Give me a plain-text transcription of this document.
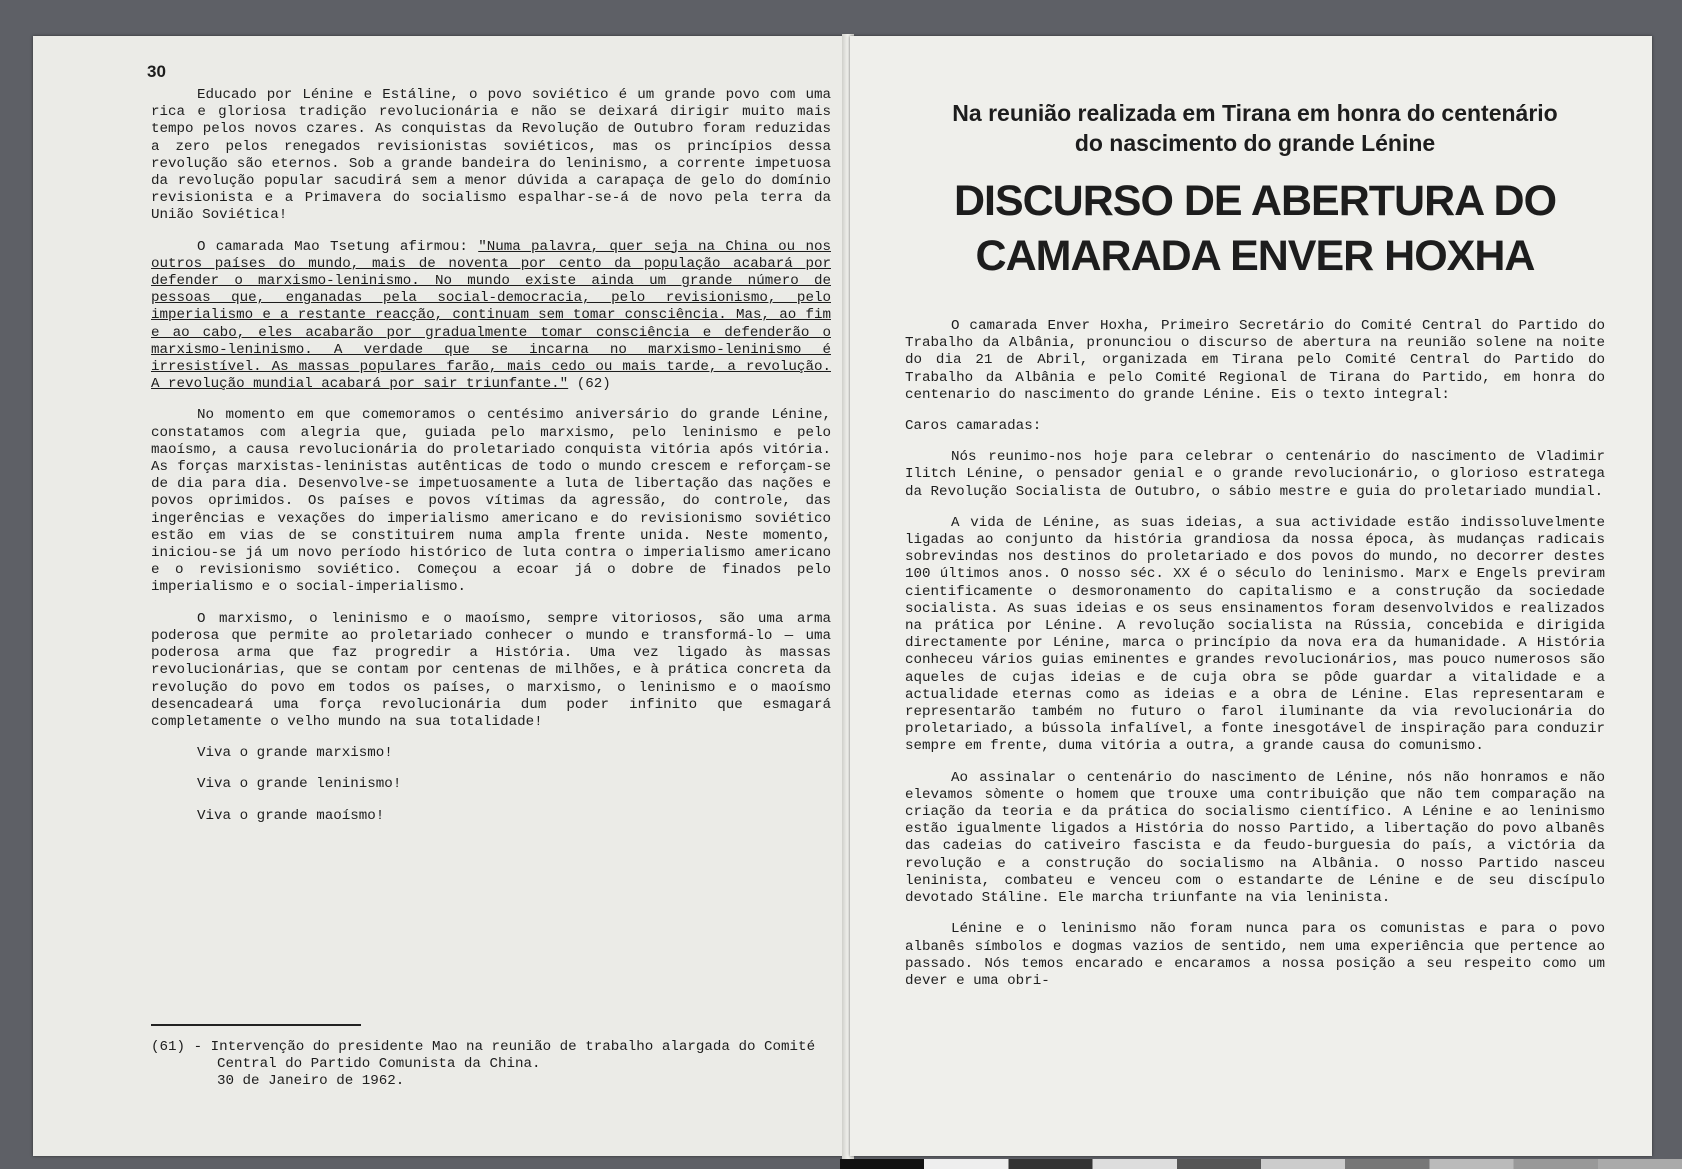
30

Educado por Lénine e Estáline, o povo soviético é um grande povo com uma rica e gloriosa tradição revolucionária e não se deixará dirigir muito mais tempo pelos novos czares. As conquistas da Revolução de Outubro foram reduzidas a zero pelos renegados revisionistas soviéticos, mas os princípios dessa revolução são eternos. Sob a grande bandeira do leninismo, a corrente impetuosa da revolução popular sacudirá sem a menor dúvida a carapaça de gelo do domínio revisionista e a Primavera do socialismo espalhar-se-á de novo pela terra da União Soviética!

O camarada Mao Tsetung afirmou: "Numa palavra, quer seja na China ou nos outros países do mundo, mais de noventa por cento da população acabará por defender o marxismo-leninismo. No mundo existe ainda um grande número de pessoas que, enganadas pela social-democracia, pelo revisionismo, pelo imperialismo e a restante reacção, continuam sem tomar consciência. Mas, ao fim e ao cabo, eles acabarão por gradualmente tomar consciência e defenderão o marxismo-leninismo. A verdade que se incarna no marxismo-leninismo é irresistível. As massas populares farão, mais cedo ou mais tarde, a revolução. A revolução mundial acabará por sair triunfante." (62)

No momento em que comemoramos o centésimo aniversário do grande Lénine, constatamos com alegria que, guiada pelo marxismo, pelo leninismo e pelo maoísmo, a causa revolucionária do proletariado conquista vitória após vitória. As forças marxistas-leninistas autênticas de todo o mundo crescem e reforçam-se de dia para dia. Desenvolve-se impetuosamente a luta de libertação das nações e povos oprimidos. Os países e povos vítimas da agressão, do controle, das ingerências e vexações do imperialismo americano e do revisionismo soviético estão em vias de se constituirem numa ampla frente unida. Neste momento, iniciou-se já um novo período histórico de luta contra o imperialismo americano e o revisionismo soviético. Começou a ecoar já o dobre de finados pelo imperialismo e o social-imperialismo.

O marxismo, o leninismo e o maoísmo, sempre vitoriosos, são uma arma poderosa que permite ao proletariado conhecer o mundo e transformá-lo — uma poderosa arma que faz progredir a História. Uma vez ligado às massas revolucionárias, que se contam por centenas de milhões, e à prática concreta da revolução do povo em todos os países, o marxismo, o leninismo e o maoísmo desencadeará uma força revolucionária dum poder infinito que esmagará completamente o velho mundo na sua totalidade!

Viva o grande marxismo!

Viva o grande leninismo!

Viva o grande maoísmo!

(61) - Intervenção do presidente Mao na reunião de trabalho alargada do Comité Central do Partido Comunista da China.
30 de Janeiro de 1962.
Na reunião realizada em Tirana em honra do centenário
do nascimento do grande Lénine
DISCURSO DE ABERTURA DO
CAMARADA ENVER HOXHA

O camarada Enver Hoxha, Primeiro Secretário do Comité Central do Partido do Trabalho da Albânia, pronunciou o discurso de abertura na reunião solene na noite do dia 21 de Abril, organizada em Tirana pelo Comité Central do Partido do Trabalho da Albânia e pelo Comité Regional de Tirana do Partido, em honra do centenario do nascimento do grande Lénine. Eis o texto integral:

Caros camaradas:

Nós reunimo-nos hoje para celebrar o centenário do nascimento de Vladimir Ilitch Lénine, o pensador genial e o grande revolucionário, o glorioso estratega da Revolução Socialista de Outubro, o sábio mestre e guia do proletariado mundial.

A vida de Lénine, as suas ideias, a sua actividade estão indissoluvelmente ligadas ao conjunto da história grandiosa da nossa época, às mudanças radicais sobrevindas nos destinos do proletariado e dos povos do mundo, no decorrer destes 100 últimos anos. O nosso séc. XX é o século do leninismo. Marx e Engels previram cientificamente o desmoronamento do capitalismo e a construção da sociedade socialista. As suas ideias e os seus ensinamentos foram desenvolvidos e realizados na prática por Lénine. A revolução socialista na Rússia, concebida e dirigida directamente por Lénine, marca o princípio da nova era da humanidade. A História conheceu vários guias eminentes e grandes revolucionários, mas pouco numerosos são aqueles de cujas ideias e de cuja obra se pôde guardar a vitalidade e a actualidade eternas como as ideias e a obra de Lénine. Elas representaram e representarão também no futuro o farol iluminante da via revolucionária do proletariado, a bússola infalível, a fonte inesgotável de inspiração para conduzir sempre em frente, duma vitória a outra, a grande causa do comunismo.

Ao assinalar o centenário do nascimento de Lénine, nós não honramos e não elevamos sòmente o homem que trouxe uma contribuição que não tem comparação na criação da teoria e da prática do socialismo científico. A Lénine e ao leninismo estão igualmente ligados a História do nosso Partido, a libertação do povo albanês das cadeias do cativeiro fascista e da feudo-burguesia do país, a victória da revolução e a construção do socialismo na Albânia. O nosso Partido nasceu leninista, combateu e venceu com o estandarte de Lénine e de seu discípulo devotado Stáline. Ele marcha triunfante na via leninista.

Lénine e o leninismo não foram nunca para os comunistas e para o povo albanês símbolos e dogmas vazios de sentido, nem uma experiência que pertence ao passado. Nós temos encarado e encaramos a nossa posição a seu respeito como um dever e uma obri-
